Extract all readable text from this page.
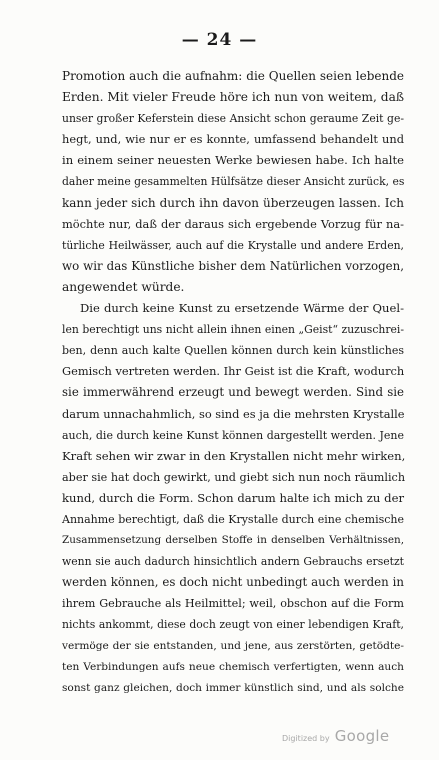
— 24 —
Promotion auch die aufnahm: die Quellen seien lebende
Erden. Mit vieler Freude höre ich nun von weitem, daß
unser großer Keferstein diese Ansicht schon geraume Zeit ge-
hegt, und, wie nur er es konnte, umfassend behandelt und
in einem seiner neuesten Werke bewiesen habe. Ich halte
daher meine gesammelten Hülfsätze dieser Ansicht zurück, es
kann jeder sich durch ihn davon überzeugen lassen. Ich
möchte nur, daß der daraus sich ergebende Vorzug für na-
türliche Heilwässer, auch auf die Krystalle und andere Erden,
wo wir das Künstliche bisher dem Natürlichen vorzogen,
angewendet würde.
Die durch keine Kunst zu ersetzende Wärme der Quel-
len berechtigt uns nicht allein ihnen einen „Geist“ zuzuschrei-
ben, denn auch kalte Quellen können durch kein künstliches
Gemisch vertreten werden. Ihr Geist ist die Kraft, wodurch
sie immerwährend erzeugt und bewegt werden. Sind sie
darum unnachahmlich, so sind es ja die mehrsten Krystalle
auch, die durch keine Kunst können dargestellt werden. Jene
Kraft sehen wir zwar in den Krystallen nicht mehr wirken,
aber sie hat doch gewirkt, und giebt sich nun noch räumlich
kund, durch die Form. Schon darum halte ich mich zu der
Annahme berechtigt, daß die Krystalle durch eine chemische
Zusammensetzung derselben Stoffe in denselben Verhältnissen,
wenn sie auch dadurch hinsichtlich andern Gebrauchs ersetzt
werden können, es doch nicht unbedingt auch werden in
ihrem Gebrauche als Heilmittel; weil, obschon auf die Form
nichts ankommt, diese doch zeugt von einer lebendigen Kraft,
vermöge der sie entstanden, und jene, aus zerstörten, getödte-
ten Verbindungen aufs neue chemisch verfertigten, wenn auch
sonst ganz gleichen, doch immer künstlich sind, und als solche
Digitized by Google
